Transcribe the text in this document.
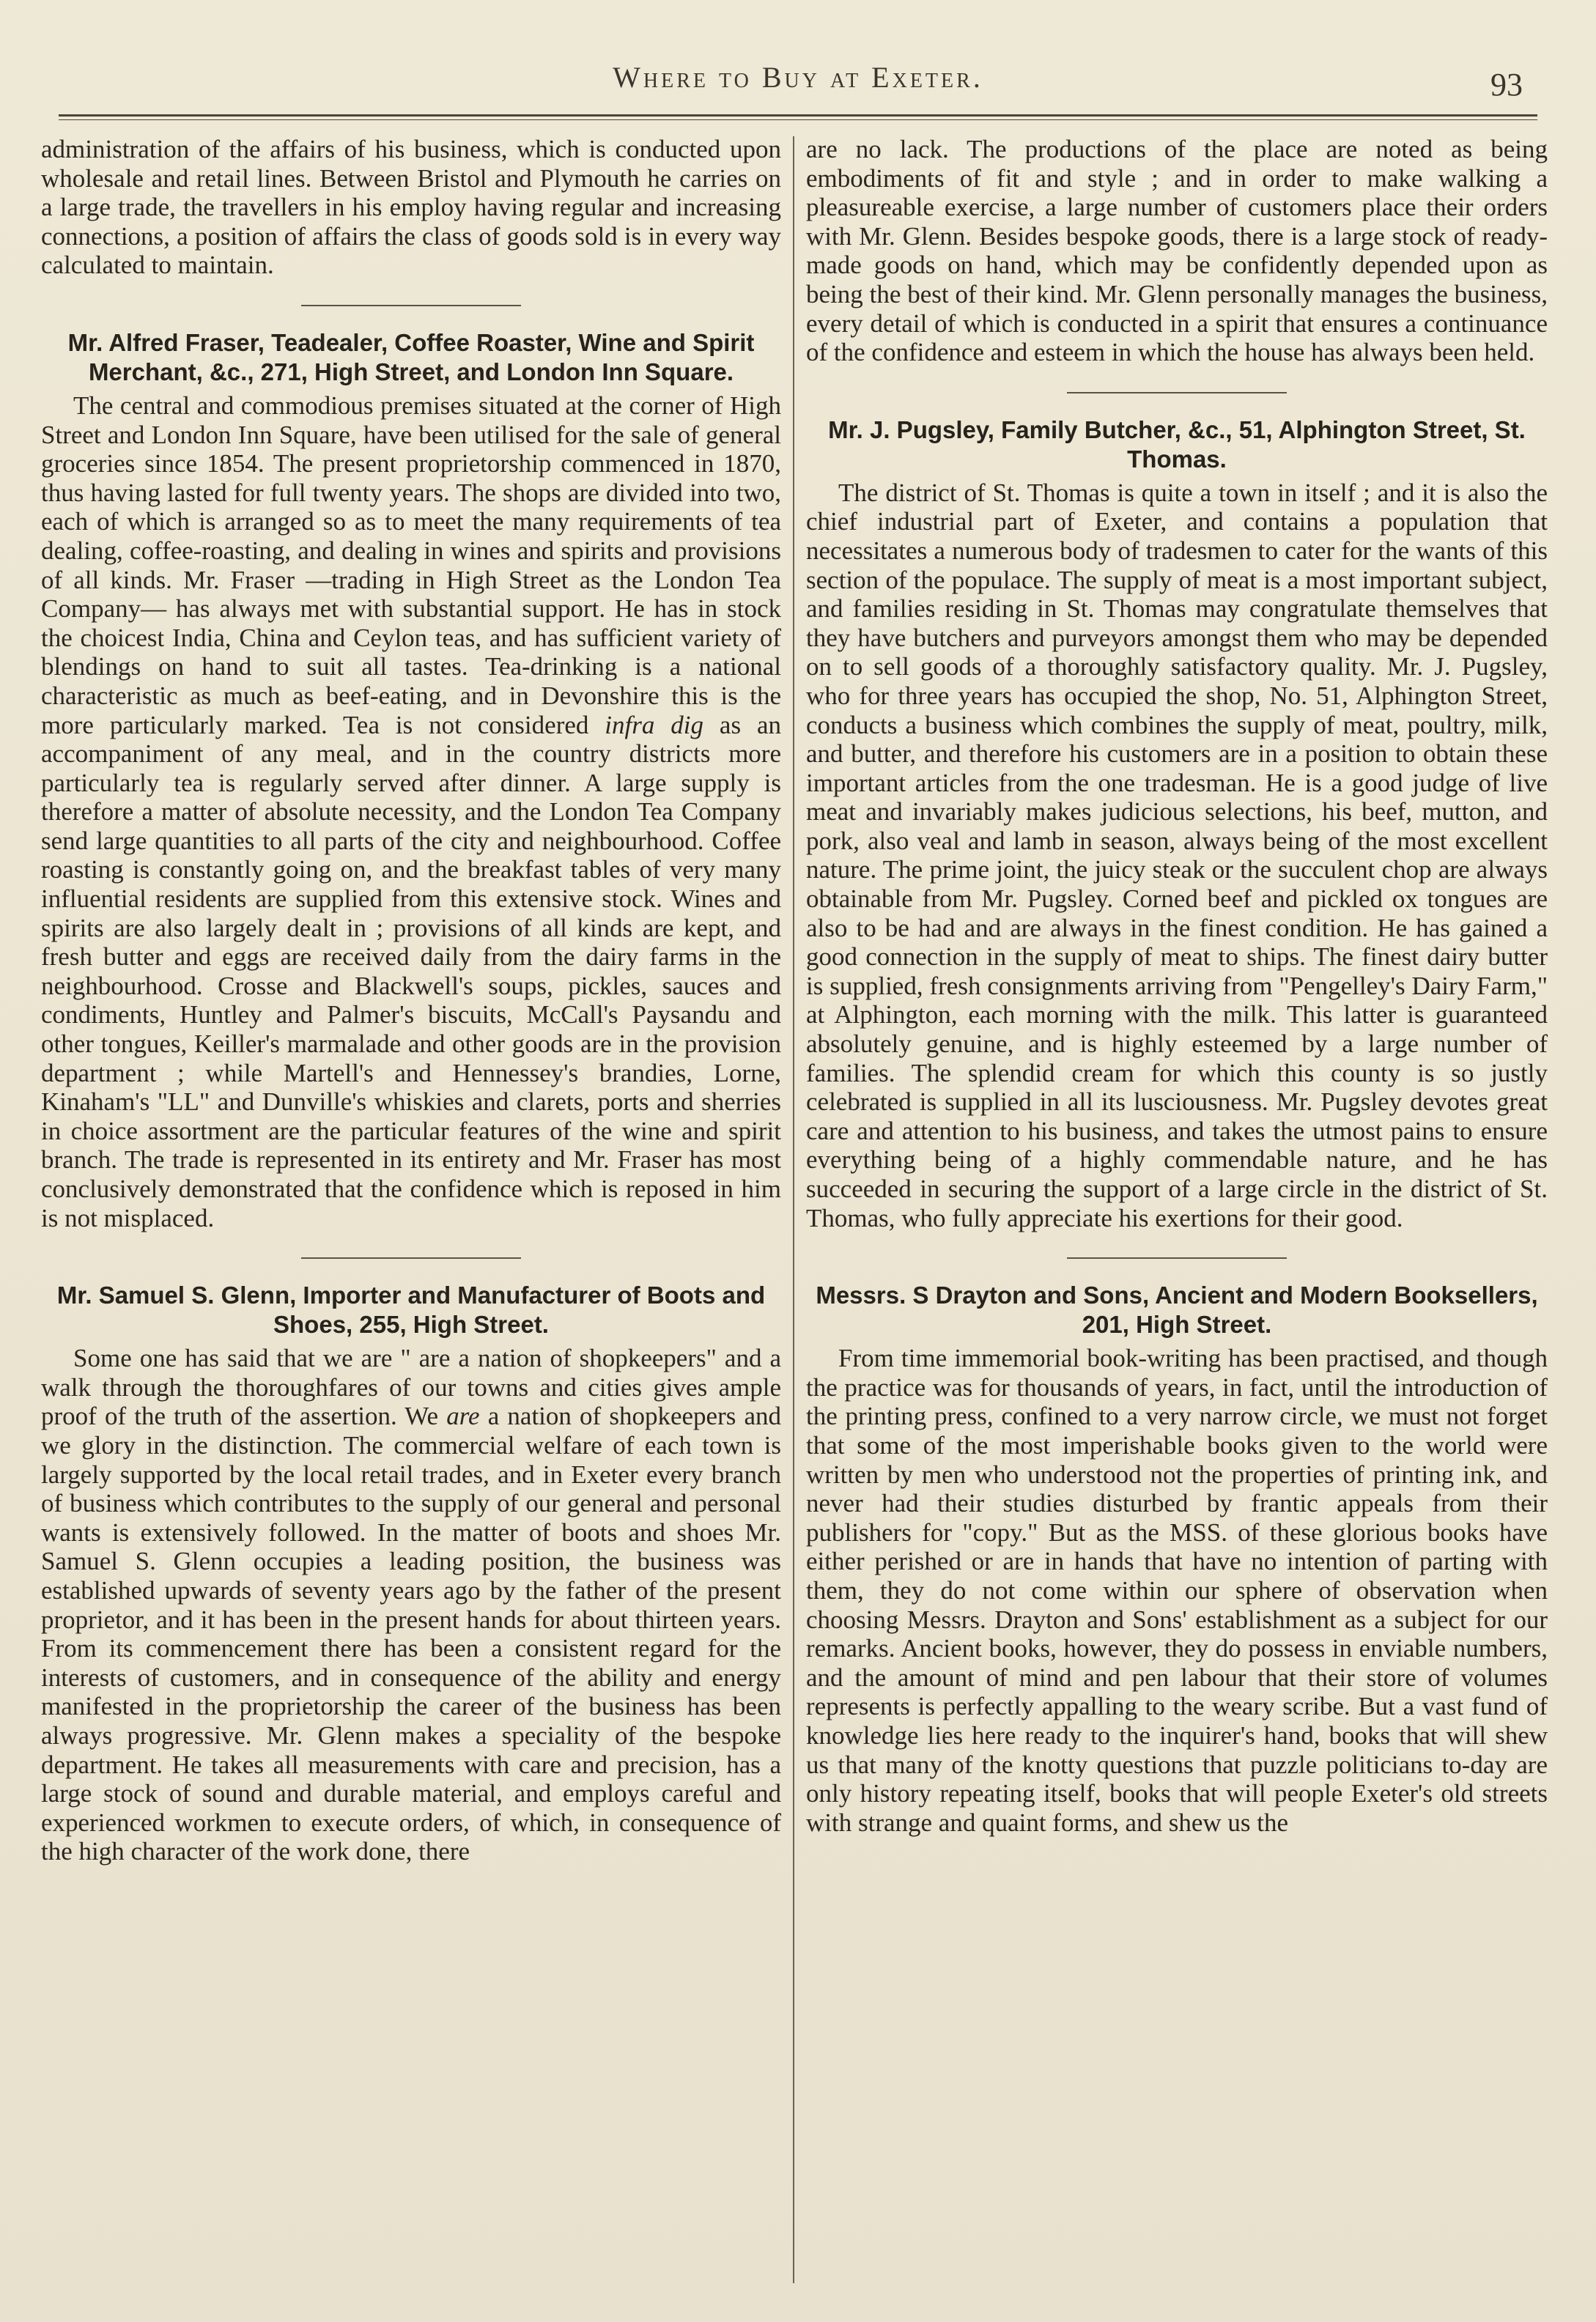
Where to Buy at Exeter.	93

administration of the affairs of his business, which is conducted upon wholesale and retail lines. Between Bristol and Plymouth he carries on a large trade, the travellers in his employ having regular and increasing connections, a position of affairs the class of goods sold is in every way calculated to maintain.

Mr. Alfred Fraser, Teadealer, Coffee Roaster, Wine and Spirit Merchant, &c., 271, High Street, and London Inn Square.

The central and commodious premises situated at the corner of High Street and London Inn Square, have been utilised for the sale of general groceries since 1854. The present proprietorship commenced in 1870, thus having lasted for full twenty years. The shops are divided into two, each of which is arranged so as to meet the many requirements of tea dealing, coffee-roasting, and dealing in wines and spirits and provisions of all kinds. Mr. Fraser —trading in High Street as the London Tea Company— has always met with substantial support. He has in stock the choicest India, China and Ceylon teas, and has sufficient variety of blendings on hand to suit all tastes. Tea-drinking is a national characteristic as much as beef-eating, and in Devonshire this is the more particularly marked. Tea is not considered infra dig as an accompaniment of any meal, and in the country districts more particularly tea is regularly served after dinner. A large supply is therefore a matter of absolute necessity, and the London Tea Company send large quantities to all parts of the city and neighbourhood. Coffee roasting is constantly going on, and the breakfast tables of very many influential residents are supplied from this extensive stock. Wines and spirits are also largely dealt in ; provisions of all kinds are kept, and fresh butter and eggs are received daily from the dairy farms in the neighbourhood. Crosse and Blackwell's soups, pickles, sauces and condiments, Huntley and Palmer's biscuits, McCall's Paysandu and other tongues, Keiller's marmalade and other goods are in the provision department ; while Martell's and Hennessey's brandies, Lorne, Kinaham's "LL" and Dunville's whiskies and clarets, ports and sherries in choice assortment are the particular features of the wine and spirit branch. The trade is represented in its entirety and Mr. Fraser has most conclusively demonstrated that the confidence which is reposed in him is not misplaced.

Mr. Samuel S. Glenn, Importer and Manufacturer of Boots and Shoes, 255, High Street.

Some one has said that we are " are a nation of shopkeepers" and a walk through the thoroughfares of our towns and cities gives ample proof of the truth of the assertion. We are a nation of shopkeepers and we glory in the distinction. The commercial welfare of each town is largely supported by the local retail trades, and in Exeter every branch of business which contributes to the supply of our general and personal wants is extensively followed. In the matter of boots and shoes Mr. Samuel S. Glenn occupies a leading position, the business was established upwards of seventy years ago by the father of the present proprietor, and it has been in the present hands for about thirteen years. From its commencement there has been a consistent regard for the interests of customers, and in consequence of the ability and energy manifested in the proprietorship the career of the business has been always progressive. Mr. Glenn makes a speciality of the bespoke department. He takes all measurements with care and precision, has a large stock of sound and durable material, and employs careful and experienced workmen to execute orders, of which, in consequence of the high character of the work done, there

are no lack. The productions of the place are noted as being embodiments of fit and style ; and in order to make walking a pleasureable exercise, a large number of customers place their orders with Mr. Glenn. Besides bespoke goods, there is a large stock of ready-made goods on hand, which may be confidently depended upon as being the best of their kind. Mr. Glenn personally manages the business, every detail of which is conducted in a spirit that ensures a continuance of the confidence and esteem in which the house has always been held.

Mr. J. Pugsley, Family Butcher, &c., 51, Alphington Street, St. Thomas.

The district of St. Thomas is quite a town in itself ; and it is also the chief industrial part of Exeter, and contains a population that necessitates a numerous body of tradesmen to cater for the wants of this section of the populace. The supply of meat is a most important subject, and families residing in St. Thomas may congratulate themselves that they have butchers and purveyors amongst them who may be depended on to sell goods of a thoroughly satisfactory quality. Mr. J. Pugsley, who for three years has occupied the shop, No. 51, Alphington Street, conducts a business which combines the supply of meat, poultry, milk, and butter, and therefore his customers are in a position to obtain these important articles from the one tradesman. He is a good judge of live meat and invariably makes judicious selections, his beef, mutton, and pork, also veal and lamb in season, always being of the most excellent nature. The prime joint, the juicy steak or the succulent chop are always obtainable from Mr. Pugsley. Corned beef and pickled ox tongues are also to be had and are always in the finest condition. He has gained a good connection in the supply of meat to ships. The finest dairy butter is supplied, fresh consignments arriving from "Pengelley's Dairy Farm," at Alphington, each morning with the milk. This latter is guaranteed absolutely genuine, and is highly esteemed by a large number of families. The splendid cream for which this county is so justly celebrated is supplied in all its lusciousness. Mr. Pugsley devotes great care and attention to his business, and takes the utmost pains to ensure everything being of a highly commendable nature, and he has succeeded in securing the support of a large circle in the district of St. Thomas, who fully appreciate his exertions for their good.

Messrs. S Drayton and Sons, Ancient and Modern Booksellers, 201, High Street.

From time immemorial book-writing has been practised, and though the practice was for thousands of years, in fact, until the introduction of the printing press, confined to a very narrow circle, we must not forget that some of the most imperishable books given to the world were written by men who understood not the properties of printing ink, and never had their studies disturbed by frantic appeals from their publishers for "copy." But as the MSS. of these glorious books have either perished or are in hands that have no intention of parting with them, they do not come within our sphere of observation when choosing Messrs. Drayton and Sons' establishment as a subject for our remarks. Ancient books, however, they do possess in enviable numbers, and the amount of mind and pen labour that their store of volumes represents is perfectly appalling to the weary scribe. But a vast fund of knowledge lies here ready to the inquirer's hand, books that will shew us that many of the knotty questions that puzzle politicians to-day are only history repeating itself, books that will people Exeter's old streets with strange and quaint forms, and shew us the
